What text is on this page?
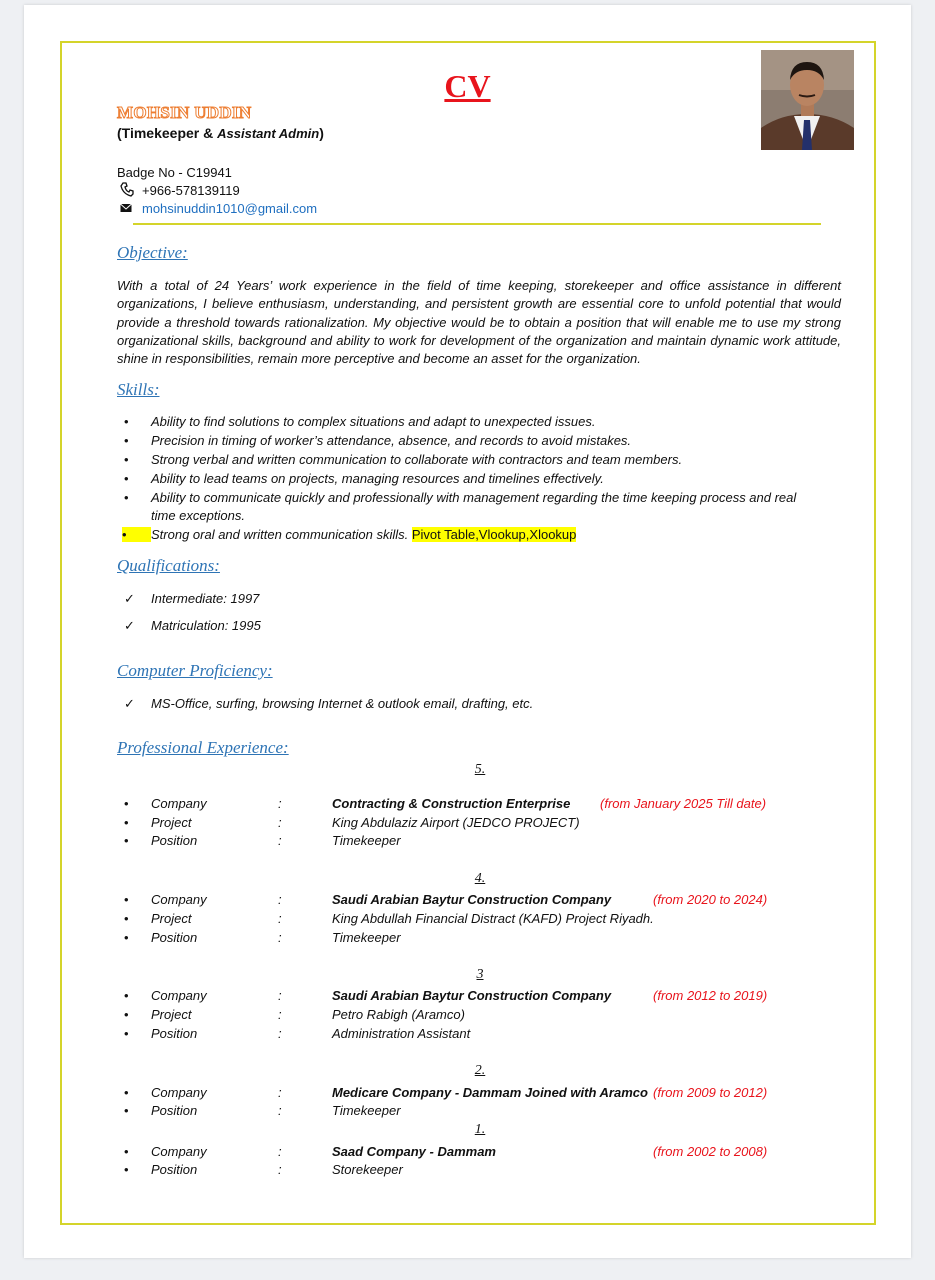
CV
MOHSIN UDDIN
(Timekeeper & Assistant Admin)
Badge No - C19941
+966-578139119
mohsinuddin1010@gmail.com
Objective:
With a total of 24 Years’ work experience in the field of time keeping, storekeeper and office assistance in different organizations, I believe enthusiasm, understanding, and persistent growth are essential core to unfold potential that would provide a threshold towards rationalization. My objective would be to obtain a position that will enable me to use my strong organizational skills, background and ability to work for development of the organization and maintain dynamic work attitude, shine in responsibilities, remain more perceptive and become an asset for the organization.
Skills:
•	Ability to find solutions to complex situations and adapt to unexpected issues.
•	Precision in timing of worker’s attendance, absence, and records to avoid mistakes.
•	Strong verbal and written communication to collaborate with contractors and team members.
•	Ability to lead teams on projects, managing resources and timelines effectively.
•	Ability to communicate quickly and professionally with management regarding the time keeping process and real
time exceptions.
•	Strong oral and written communication skills. Pivot Table,Vlookup,Xlookup
Qualifications:
✓ Intermediate: 1997
✓ Matriculation: 1995
Computer Proficiency:
✓ MS-Office, surfing, browsing Internet & outlook email, drafting, etc.
Professional Experience:
5.
•	Company	:	Contracting & Construction Enterprise (from January 2025 Till date)
•	Project	:	King Abdulaziz Airport (JEDCO PROJECT)
•	Position	:	Timekeeper
4.
•	Company	:	Saudi Arabian Baytur Construction Company	(from 2020 to 2024)
•	Project	:	King Abdullah Financial Distract (KAFD) Project Riyadh.
•	Position	:	Timekeeper
3
•	Company	:	Saudi Arabian Baytur Construction Company	(from 2012 to 2019)
•	Project	:	Petro Rabigh (Aramco)
•	Position	:	Administration Assistant
2.
•	Company	:	Medicare Company - Dammam Joined with Aramco (from 2009 to 2012)
•	Position	:	Timekeeper
1.
•	Company	:	Saad Company - Dammam	(from 2002 to 2008)
•	Position	:	Storekeeper
